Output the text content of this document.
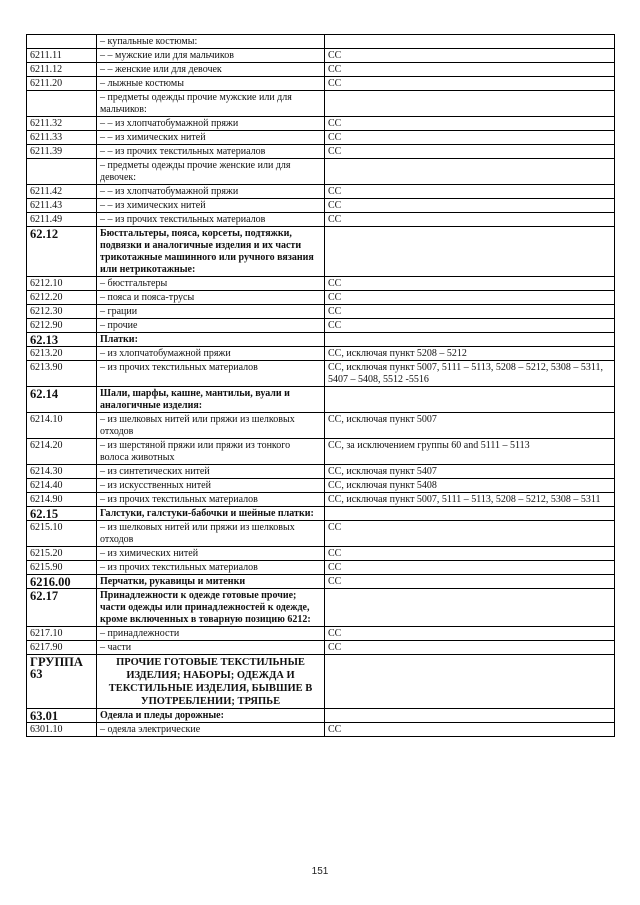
	– купальные костюмы:	
6211.11	– – мужские или для мальчиков	СС
6211.12	– – женские или для девочек	СС
6211.20	– лыжные костюмы	СС
	– предметы одежды прочие мужские или для мальчиков:	
6211.32	– – из хлопчатобумажной пряжи	СС
6211.33	– – из химических нитей	СС
6211.39	– – из прочих текстильных материалов	СС
	– предметы одежды прочие женские или для девочек:	
6211.42	– – из хлопчатобумажной пряжи	СС
6211.43	– – из химических нитей	СС
6211.49	– – из прочих текстильных материалов	СС
62.12	Бюстгальтеры, пояса, корсеты, подтяжки, подвязки и аналогичные изделия и их части трикотажные машинного или ручного вязания или нетрикотажные:	
6212.10	– бюстгальтеры	СС
6212.20	– пояса и пояса-трусы	СС
6212.30	– грации	СС
6212.90	– прочие	СС
62.13	Платки:	
6213.20	– из хлопчатобумажной пряжи	СС, исключая пункт 5208 – 5212
6213.90	– из прочих текстильных материалов	СС, исключая пункт 5007, 5111 – 5113, 5208 – 5212, 5308 – 5311, 5407 – 5408, 5512 -5516
62.14	Шали, шарфы, кашне, мантильи, вуали и аналогичные изделия:	
6214.10	– из шелковых нитей или пряжи из шелковых отходов	СС, исключая пункт 5007
6214.20	– из шерстяной пряжи или пряжи из тонкого волоса животных	СС, за исключением группы 60 and 5111 – 5113
6214.30	– из синтетических нитей	СС, исключая пункт 5407
6214.40	– из искусственных нитей	СС, исключая пункт 5408
6214.90	– из прочих текстильных материалов	СС, исключая пункт 5007, 5111 – 5113, 5208 – 5212, 5308 – 5311
62.15	Галстуки, галстуки-бабочки и шейные платки:	
6215.10	– из шелковых нитей или пряжи из шелковых отходов	СС
6215.20	– из химических нитей	СС
6215.90	– из прочих текстильных материалов	СС
6216.00	Перчатки, рукавицы и митенки	СС
62.17	Принадлежности к одежде готовые прочие; части одежды или принадлежностей к одежде, кроме включенных в товарную позицию 6212:	
6217.10	– принадлежности	СС
6217.90	– части	СС
ГРУППА 63	ПРОЧИЕ ГОТОВЫЕ ТЕКСТИЛЬНЫЕ ИЗДЕЛИЯ; НАБОРЫ; ОДЕЖДА И ТЕКСТИЛЬНЫЕ ИЗДЕЛИЯ, БЫВШИЕ В УПОТРЕБЛЕНИИ; ТРЯПЬЕ	
63.01	Одеяла и пледы дорожные:	
6301.10	– одеяла электрические	СС
151
